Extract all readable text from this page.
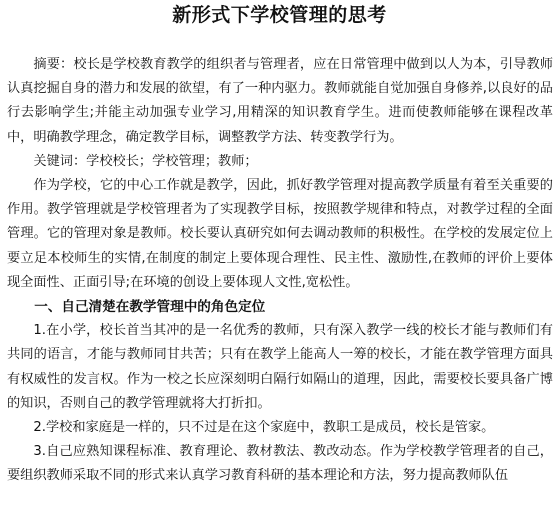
新形式下学校管理的思考

摘要：校长是学校教育教学的组织者与管理者，应在日常管理中做到以人为本，引导教师认真挖掘自身的潜力和发展的欲望，有了一种内驱力。教师就能自觉加强自身修养,以良好的品行去影响学生;并能主动加强专业学习,用精深的知识教育学生。进而使教师能够在课程改革中，明确教学理念，确定教学目标，调整教学方法、转变教学行为。

关键词：学校校长；学校管理；教师；

作为学校，它的中心工作就是教学，因此，抓好教学管理对提高教学质量有着至关重要的作用。教学管理就是学校管理者为了实现教学目标，按照教学规律和特点，对教学过程的全面管理。它的管理对象是教师。校长要认真研究如何去调动教师的积极性。在学校的发展定位上要立足本校师生的实情,在制度的制定上要体现合理性、民主性、激励性,在教师的评价上要体现全面性、正面引导;在环境的创设上要体现人文性,宽松性。

一、自己清楚在教学管理中的角色定位

1.在小学，校长首当其冲的是一名优秀的教师，只有深入教学一线的校长才能与教师们有共同的语言，才能与教师同甘共苦；只有在教学上能高人一筹的校长，才能在教学管理方面具有权威性的发言权。作为一校之长应深刻明白隔行如隔山的道理，因此，需要校长要具备广博的知识，否则自己的教学管理就将大打折扣。

2.学校和家庭是一样的，只不过是在这个家庭中，教职工是成员，校长是管家。

3.自己应熟知课程标准、教育理论、教材教法、教改动态。作为学校教学管理者的自己，要组织教师采取不同的形式来认真学习教育科研的基本理论和方法，努力提高教师队伍
